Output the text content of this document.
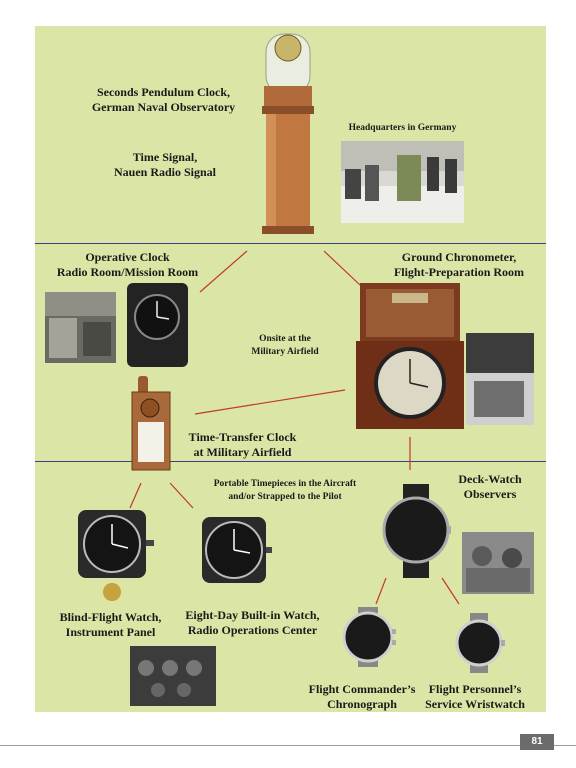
Seconds Pendulum Clock,
German Naval Observatory
Time Signal,
Nauen Radio Signal
Headquarters in Germany
Operative Clock
Radio Room/Mission Room
Ground Chronometer,
Flight-Preparation Room
Onsite at the
Military Airfield
Time-Transfer Clock
at Military Airfield
Portable Timepieces in the Aircraft
and/or Strapped to the Pilot
Deck-Watch
Observers
Blind-Flight Watch,
Instrument Panel
Eight-Day Built-in Watch,
Radio Operations Center
Flight Commander’s
Chronograph
Flight Personnel’s
Service Wristwatch
81
